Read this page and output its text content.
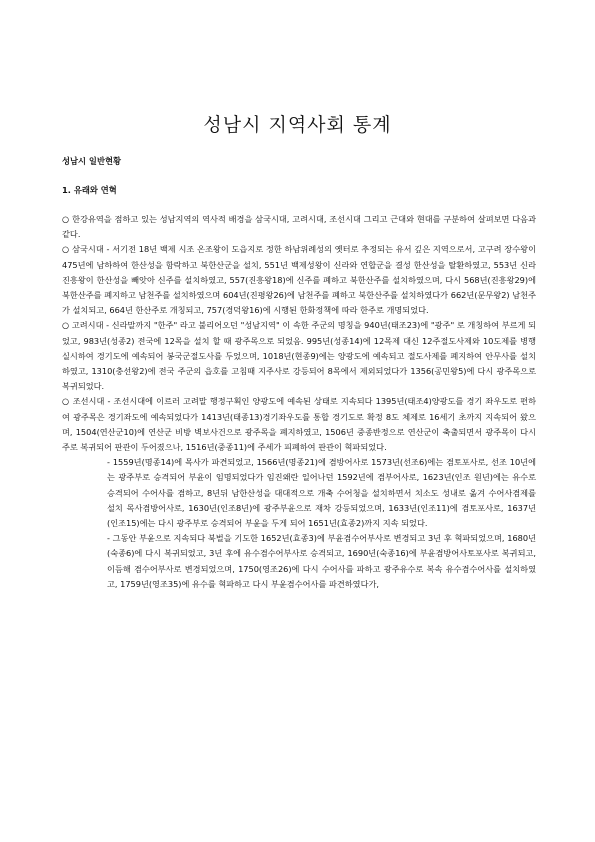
성남시 지역사회 통계
성남시 일반현황
1. 유래와 연혁

○ 한강유역을 점하고 있는 성남지역의 역사적 배경을 삼국시대, 고려시대, 조선시대 그리고 근대와 현대를 구분하여 살펴보면 다음과 같다.

○ 삼국시대 - 서기전 18년 백제 시조 온조왕이 도읍지로 정한 하남위례성의 옛터로 추정되는 유서 깊은 지역으로서, 고구려 장수왕이 475년에 남하하여 한산성을 함락하고 북한산군을 설치, 551년 백제성왕이 신라와 연합군을 결성 한산성을 탈환하였고, 553년 신라 진흥왕이 한산성을 빼앗아 신주를 설치하였고, 557(진흥왕18)에 신주를 폐하고 북한산주를 설치하였으며, 다시 568년(진흥왕29)에 북한산주를 폐지하고 남천주를 설치하였으며 604년(진평왕26)에 남천주를 폐하고 북한산주를 설치하였다가 662년(문무왕2) 남천주가 설치되고, 664년 한산주로 개칭되고, 757(경덕왕16)에 시행된 한화정책에 따라 한주로 개명되었다.

○ 고려시대 - 신라말까지 "한주" 라고 불리어오던 "성남지역" 이 속한 주군의 명칭을 940년(태조23)에 "광주" 로 개칭하여 부르게 되었고, 983년(성종2) 전국에 12목을 설치 할 때 광주목으로 되었음. 995년(성종14)에 12목제 대신 12주절도사제와 10도제를 병행 실시하여 경기도에 예속되어 봉국군절도사를 두었으며, 1018년(현종9)에는 양광도에 예속되고 절도사제를 폐지하여 안무사를 설치하였고, 1310(충선왕2)에 전국 주군의 읍호를 고침때 지주사로 강등되어 8목에서 제외되었다가 1356(공민왕5)에 다시 광주목으로 복귀되었다.

○ 조선시대 - 조선시대에 이르러 고려말 행정구획인 양광도에 예속된 상태로 지속되다 1395년(태조4)양광도를 경기 좌우도로 편하여 광주목은 경기좌도에 예속되었다가 1413년(태종13)경기좌우도를 통합 경기도로 확정 8도 체제로 16세기 초까지 지속되어 왔으며, 1504(연산군10)에 연산군 비방 벽보사건으로 광주목을 폐지하였고, 1506년 중종반정으로 연산군이 축출되면서 광주목이 다시 주로 복귀되어 판관이 두어졌으나, 1516년(중종11)에 주세가 피폐하여 판관이 혁파되었다.

- 1559년(명종14)에 목사가 파견되었고, 1566년(명종21)에 겸방어사로 1573년(선조6)에는 겸토포사로, 선조 10년에는 광주부로 승격되어 부윤이 임명되었다가 임진왜란 일어나던 1592년에 겸부어사로, 1623년(인조 원년)에는 유수로 승격되어 수어사를 겸하고, 8년뒤 남한산성을 대대적으로 개축 수어청을 설치하면서 치소도 성내로 옮겨 수어사겸제를 설치 목사겸방어사로, 1630년(인조8년)에 광주부윤으로 재차 강등되었으며, 1633년(인조11)에 겸토포사로, 1637년(인조15)에는 다시 광주부로 승격되어 부윤을 두게 되어 1651년(효종2)까지 지속 되었다.

- 그동안 부윤으로 지속되다 북벌을 기도한 1652년(효종3)에 부윤겸수어부사로 변경되고 3년 후 혁파되었으며, 1680년(숙종6)에 다시 복귀되었고, 3년 후에 유수겸수어부사로 승격되고, 1690년(숙종16)에 부윤겸방어사토포사로 복귀되고, 이듬해 겸수어부사로 변경되었으며, 1750(영조26)에 다시 수어사를 파하고 광주유수로 복속 유수겸수어사를 설치하였고, 1759년(영조35)에 유수를 혁파하고 다시 부윤겸수어사를 파견하였다가,
